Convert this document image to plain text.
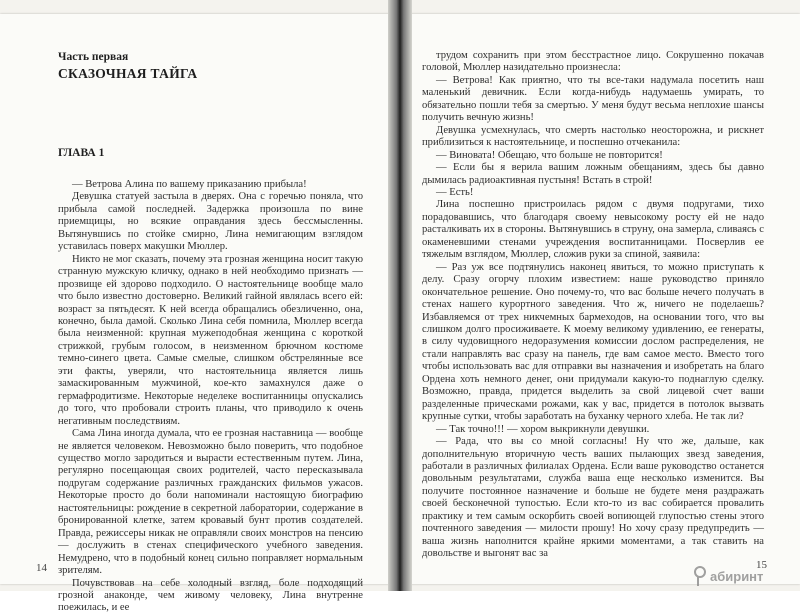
Часть первая
СКАЗОЧНАЯ ТАЙГА
ГЛАВА 1

— Ветрова Алина по вашему приказанию прибыла!

Девушка статуей застыла в дверях. Она с горечью поняла, что прибыла самой последней. Задержка произошла по вине приемщицы, но всякие оправдания здесь бессмысленны. Вытянувшись по стойке смирно, Лина немигающим взглядом уставилась поверх макушки Мюллер.

Никто не мог сказать, почему эта грозная женщина носит такую странную мужскую кличку, однако в ней необходимо признать — прозвище ей здорово подходило. О настоятельнице вообще мало что было известно достоверно. Великий гайной являлась всего ей: возраст за пятьдесят. К ней всегда обращались обезличенно, она, конечно, была дамой. Сколько Лина себя помнила, Мюллер всегда была неизменной: крупная мужеподобная женщина с короткой стрижкой, грубым голосом, в неизменном брючном костюме темно-синего цвета. Самые смелые, слишком обстрелянные все эти факты, уверяли, что настоятельница является лишь замаскированным мужчиной, кое-кто замахнулся даже о гермафродитизме. Некоторые неделеке воспитанницы опускались до того, что пробовали строить планы, что приводило к очень негативным последствиям.

Сама Лина иногда думала, что ее грозная наставница — вообще не является человеком. Невозможно было поверить, что подобное существо могло зародиться и вырасти естественным путем. Лина, регулярно посещающая своих родителей, часто пересказывала подругам содержание различных гражданских фильмов ужасов. Некоторые просто до боли напоминали настоящую биографию настоятельницы: рождение в секретной лаборатории, содержание в бронированной клетке, затем кровавый бунт против создателей. Правда, режиссеры никак не оправляли своих монстров на пенсию — дослужить в стенах специфического учебного заведения. Немудрено, что в подобный конец сильно поправляет нормальным зрителям.

Почувствовав на себе холодный взгляд, боле подходящий грозной анаконде, чем живому человеку, Лина внутренне поежилась, и ее

14

трудом сохранить при этом бесстрастное лицо. Сокрушенно покачав головой, Мюллер назидательно произнесла:

— Ветрова! Как приятно, что ты все-таки надумала посетить наш маленький девичник. Если когда-нибудь надумаешь умирать, то обязательно пошли тебя за смертью. У меня будут весьма неплохие шансы получить вечную жизнь!

Девушка усмехнулась, что смерть настолько неосторожна, и рискнет приблизиться к настоятельнице, и поспешно отчеканила:

— Виновата! Обещаю, что больше не повторится!

— Если бы я верила вашим ложным обещаниям, здесь бы давно дымилась радиоактивная пустыня! Встать в строй!

— Есть!

Лина поспешно пристроилась рядом с двумя подругами, тихо порадовавшись, что благодаря своему невысокому росту ей не надо расталкивать их в стороны. Вытянувшись в струну, она замерла, сливаясь с окаменевшими стенами учреждения воспитанницами. Посверлив ее тяжелым взглядом, Мюллер, сложив руки за спиной, заявила:

— Раз уж все подтянулись наконец явиться, то можно приступать к делу. Сразу огорчу плохим известием: наше руководство приняло окончательное решение. Оно почему-то, что вас больше нечего получать в стенах нашего курортного заведения. Что ж, ничего не поделаешь? Избавляемся от трех никчемных бармеходов, на основании того, что вы слишком долго просиживаете. К моему великому удивлению, ее генераты, в силу чудовищного недоразумения комиссии дослом распределения, не стали направлять вас сразу на панель, где вам самое место. Вместо того чтобы использовать вас для отправки вы назначения и изобретать на благо Ордена хоть немного денег, они придумали какую-то поднаглую сделку. Возможно, правда, придется выделить за свой лицевой счет ваши разделенные прическами рожами, как у вас, придется в потолок вызвать крупные сутки, чтобы заработать на буханку черного хлеба. Не так ли?

— Так точно!!! — хором выкрикнули девушки.

— Рада, что вы со мной согласны! Ну что же, дальше, как дополнительную вторичную честь ваших пылающих звезд заведения, работали в различных филиалах Ордена. Если ваше руководство останется довольным результатами, служба ваша еще несколько изменится. Вы получите постоянное назначение и больше не будете меня раздражать своей бесконечной тупостью. Если кто-то из вас собирается провалить практику и тем самым оскорбить своей вопиющей глупостью стены этого почтенного заведения — милости прошу! Но хочу сразу предупредить — ваша жизнь наполнится крайне яркими моментами, а так ставить на довольстве и выгонят вас за

15
абиринт
